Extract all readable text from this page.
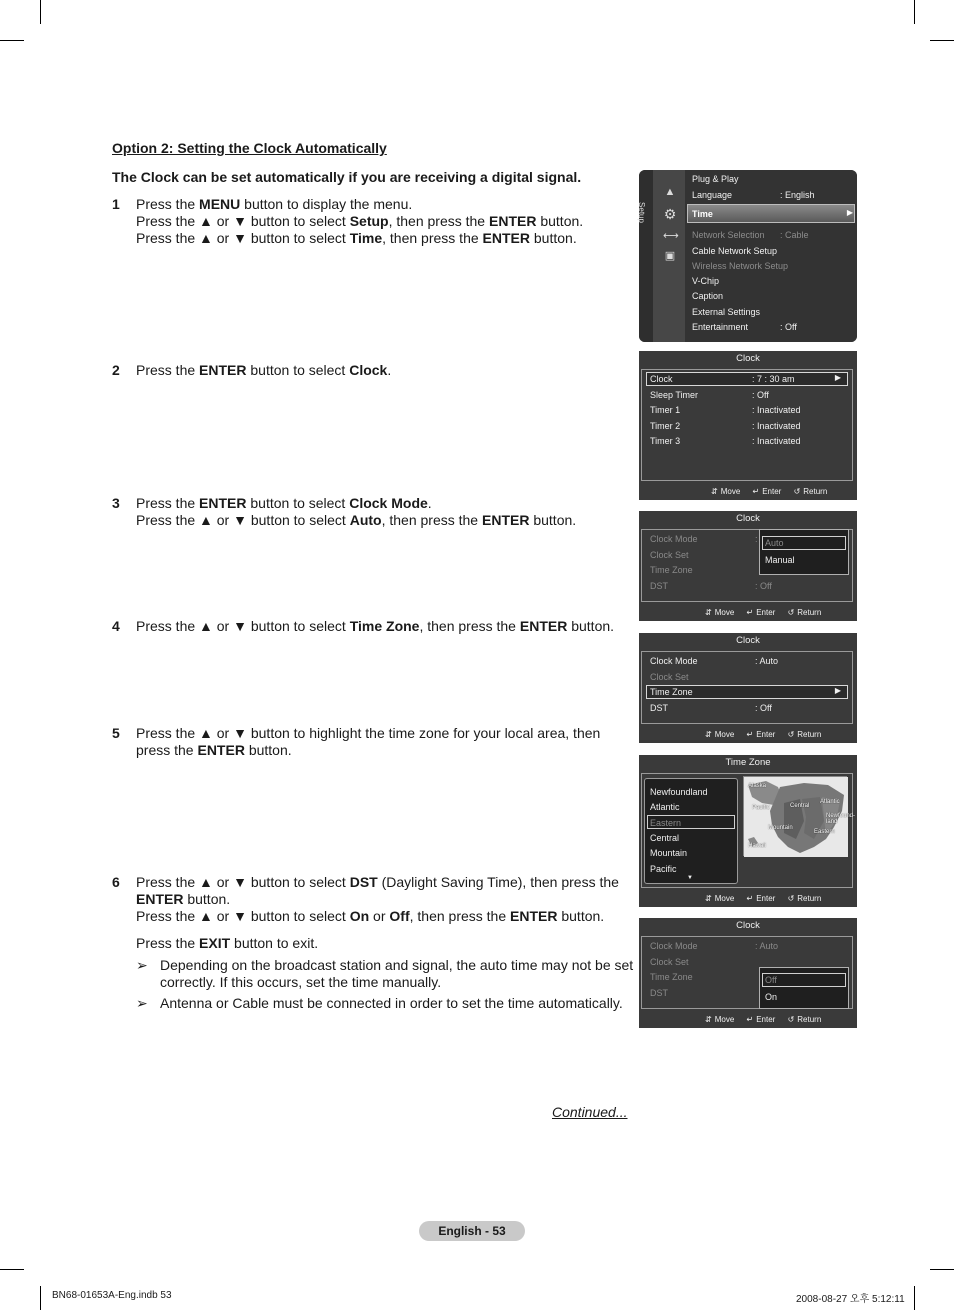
Option 2: Setting the Clock Automatically
The Clock can be set automatically if you are receiving a digital signal.
1 Press the MENU button to display the menu.
Press the ▲ or ▼ button to select Setup, then press the ENTER button.
Press the ▲ or ▼ button to select Time, then press the ENTER button.
2 Press the ENTER button to select Clock.
3 Press the ENTER button to select Clock Mode.
Press the ▲ or ▼ button to select Auto, then press the ENTER button.
4 Press the ▲ or ▼ button to select Time Zone, then press the ENTER button.
5 Press the ▲ or ▼ button to highlight the time zone for your local area, then
press the ENTER button.
6 Press the ▲ or ▼ button to select DST (Daylight Saving Time), then press the
ENTER button.
Press the ▲ or ▼ button to select On or Off, then press the ENTER button.
Press the EXIT button to exit.
➢ Depending on the broadcast station and signal, the auto time may not be set correctly. If this occurs, set the time manually.
➢ Antenna or Cable must be connected in order to set the time automatically.
Continued...
English - 53
BN68-01653A-Eng.indb 53	2008-08-27 오후 5:12:11
Setup
▲
⚙
⟷
▣
Plug & Play
Language	: English
Time
Network Selection : Cable
Cable Network Setup
Wireless Network Setup
V-Chip
Caption
External Settings
Entertainment	: Off
▶
Clock
▶
Clock	: 7 : 30 am
Sleep Timer	: Off
Timer 1	: Inactivated
Timer 2	: Inactivated
Timer 3	: Inactivated
⇵ Move ↵ Enter ↺ Return
Clock
Clock Mode	:
Clock Set
Time Zone
DST	: Off
Auto
Manual
⇵ Move ↵ Enter ↺ Return
Clock
▶
Clock Mode	: Auto
Clock Set
Time Zone
DST	: Off
⇵ Move ↵ Enter ↺ Return
Time Zone
Newfoundland
Atlantic
Eastern
Central
Mountain
Pacific
▼
Alaska
Pacific	Central
Atlantic
Newfound-land
Mountain
Eastern
Hawaii
⇵ Move ↵ Enter ↺ Return
Clock
Clock Mode	: Auto
Clock Set
Time Zone
DST
Off
On
⇵ Move ↵ Enter ↺ Return
